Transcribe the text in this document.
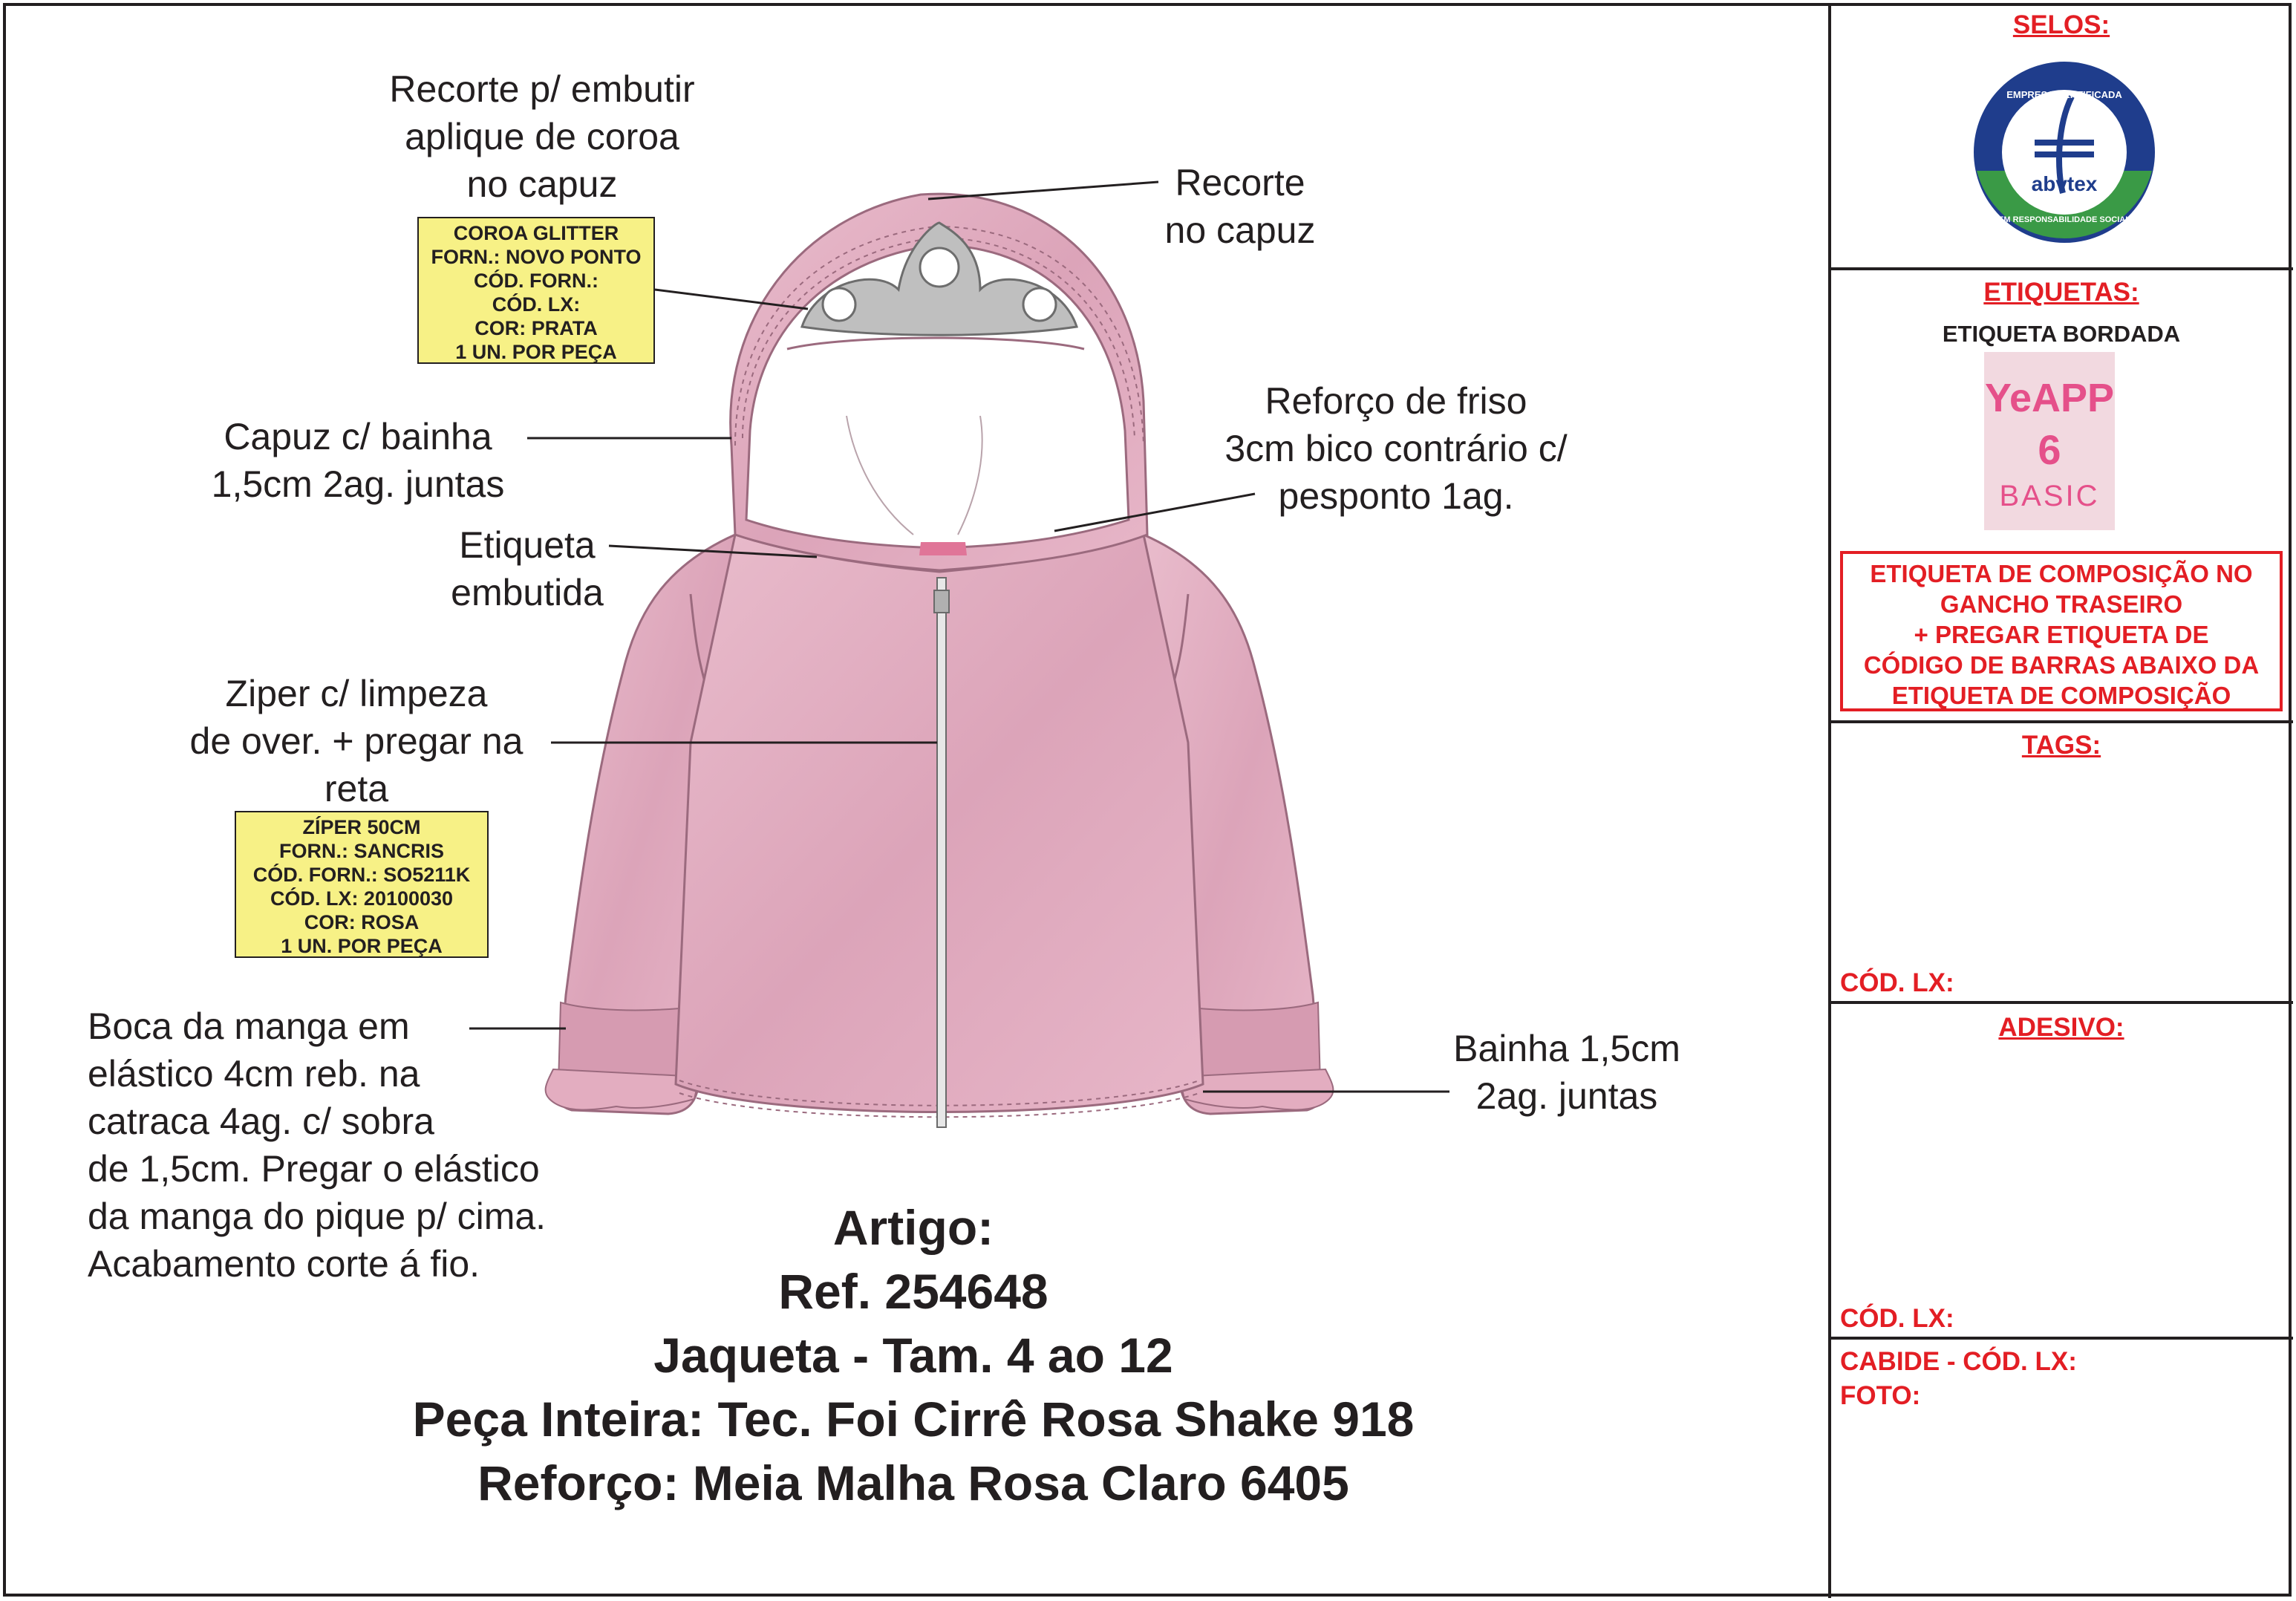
Recorte p/ embutir
aplique de coroa
no capuz	Recorte
no capuz
Capuz c/ bainha
1,5cm 2ag. juntas
Reforço de friso
3cm bico contrário c/
pesponto 1ag.
Etiqueta
embutida
Ziper c/ limpeza
de over. + pregar na
reta
Boca da manga em
elástico 4cm reb. na
catraca 4ag. c/ sobra
de 1,5cm. Pregar o elástico
da manga do pique p/ cima.
Acabamento corte á fio.
Bainha 1,5cm
2ag. juntas
COROA GLITTER
FORN.: NOVO PONTO
CÓD. FORN.:
CÓD. LX:
COR: PRATA
1 UN. POR PEÇA
ZÍPER 50CM
FORN.: SANCRIS
CÓD. FORN.: SO5211K
CÓD. LX: 20100030
COR: ROSA
1 UN. POR PEÇA
Artigo:
Ref. 254648
Jaqueta - Tam. 4 ao 12
Peça Inteira: Tec. Foi Cirrê Rosa Shake 918
Reforço: Meia Malha Rosa Claro 6405
SELOS:
EMPRESA CERTIFICADA
abvtex
EM RESPONSABILIDADE SOCIAL
ETIQUETAS:
ETIQUETA BORDADA
YeAPP
6
BASIC
ETIQUETA DE COMPOSIÇÃO NO
GANCHO TRASEIRO
+ PREGAR ETIQUETA DE
CÓDIGO DE BARRAS ABAIXO DA
ETIQUETA DE COMPOSIÇÃO
TAGS:
CÓD. LX:
ADESIVO:
CÓD. LX:
CABIDE - CÓD. LX:
FOTO:
